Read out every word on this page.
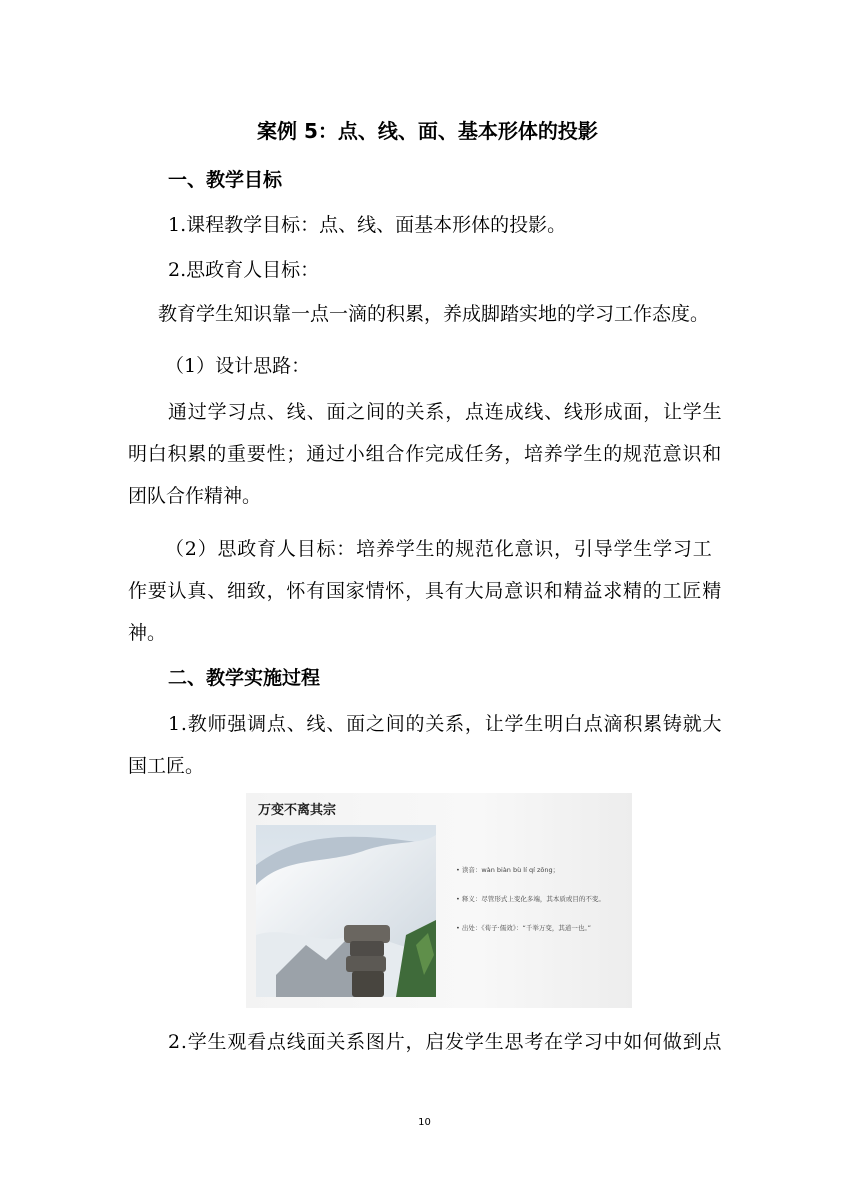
案例 5：点、线、面、基本形体的投影
一、教学目标
1.课程教学目标：点、线、面基本形体的投影。
2.思政育人目标：
教育学生知识靠一点一滴的积累，养成脚踏实地的学习工作态度。
（1）设计思路：
通过学习点、线、面之间的关系，点连成线、线形成面，让学生
明白积累的重要性；通过小组合作完成任务，培养学生的规范意识和
团队合作精神。
（2）思政育人目标：培养学生的规范化意识，引导学生学习工
作要认真、细致，怀有国家情怀，具有大局意识和精益求精的工匠精
神。
二、教学实施过程
1.教师强调点、线、面之间的关系，让学生明白点滴积累铸就大
国工匠。
万变不离其宗
• 读音：wàn biàn bù lí qí zōng；
• 释义：尽管形式上变化多端，其本质或目的不变。
• 出处：《荀子·儒效》：“千举万变，其道一也。”
2.学生观看点线面关系图片，启发学生思考在学习中如何做到点
10
